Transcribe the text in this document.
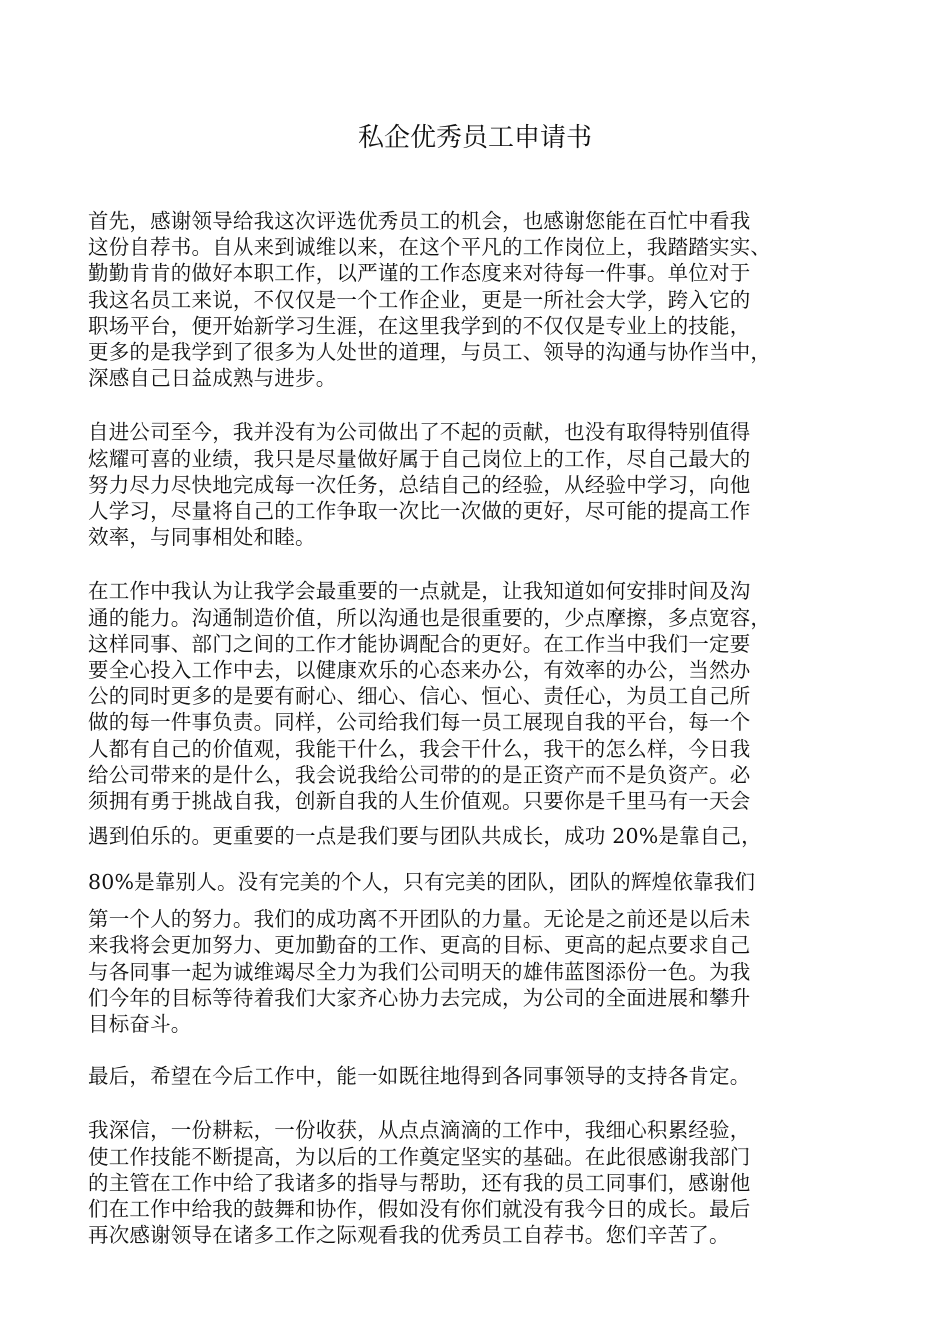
私企优秀员工申请书

首先，感谢领导给我这次评选优秀员工的机会，也感谢您能在百忙中看我
这份自荐书。自从来到诚维以来，在这个平凡的工作岗位上，我踏踏实实、
勤勤肯肯的做好本职工作，以严谨的工作态度来对待每一件事。单位对于
我这名员工来说，不仅仅是一个工作企业，更是一所社会大学，跨入它的
职场平台，便开始新学习生涯，在这里我学到的不仅仅是专业上的技能，
更多的是我学到了很多为人处世的道理，与员工、领导的沟通与协作当中，
深感自己日益成熟与进步。

自进公司至今，我并没有为公司做出了不起的贡献，也没有取得特别值得
炫耀可喜的业绩，我只是尽量做好属于自己岗位上的工作，尽自己最大的
努力尽力尽快地完成每一次任务，总结自己的经验，从经验中学习，向他
人学习，尽量将自己的工作争取一次比一次做的更好，尽可能的提高工作
效率，与同事相处和睦。

在工作中我认为让我学会最重要的一点就是，让我知道如何安排时间及沟
通的能力。沟通制造价值，所以沟通也是很重要的，少点摩擦，多点宽容，
这样同事、部门之间的工作才能协调配合的更好。在工作当中我们一定要
要全心投入工作中去，以健康欢乐的心态来办公，有效率的办公，当然办
公的同时更多的是要有耐心、细心、信心、恒心、责任心，为员工自己所
做的每一件事负责。同样，公司给我们每一员工展现自我的平台，每一个
人都有自己的价值观，我能干什么，我会干什么，我干的怎么样，今日我
给公司带来的是什么，我会说我给公司带的的是正资产而不是负资产。必
须拥有勇于挑战自我，创新自我的人生价值观。只要你是千里马有一天会
遇到伯乐的。更重要的一点是我们要与团队共成长，成功 20%是靠自己，
80%是靠别人。没有完美的个人，只有完美的团队，团队的辉煌依靠我们
第一个人的努力。我们的成功离不开团队的力量。无论是之前还是以后未
来我将会更加努力、更加勤奋的工作、更高的目标、更高的起点要求自己
与各同事一起为诚维竭尽全力为我们公司明天的雄伟蓝图添份一色。为我
们今年的目标等待着我们大家齐心协力去完成，为公司的全面进展和攀升
目标奋斗。

最后，希望在今后工作中，能一如既往地得到各同事领导的支持各肯定。

我深信，一份耕耘，一份收获，从点点滴滴的工作中，我细心积累经验，
使工作技能不断提高，为以后的工作奠定坚实的基础。在此很感谢我部门
的主管在工作中给了我诸多的指导与帮助，还有我的员工同事们，感谢他
们在工作中给我的鼓舞和协作，假如没有你们就没有我今日的成长。最后
再次感谢领导在诸多工作之际观看我的优秀员工自荐书。您们辛苦了。
